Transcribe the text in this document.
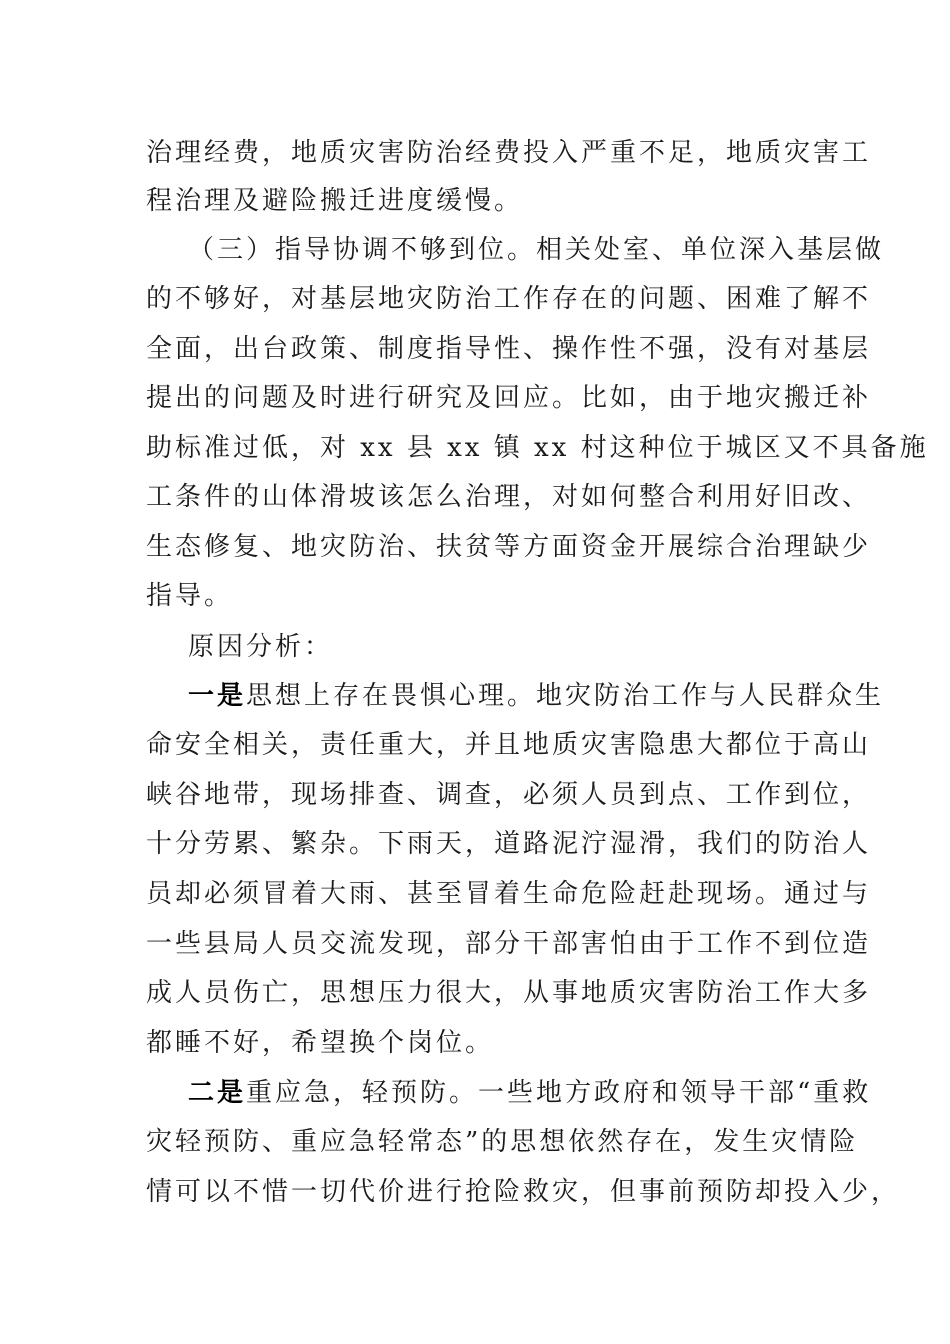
治理经费，地质灾害防治经费投入严重不足，地质灾害工
程治理及避险搬迁进度缓慢。
（三）指导协调不够到位。相关处室、单位深入基层做
的不够好，对基层地灾防治工作存在的问题、困难了解不
全面，出台政策、制度指导性、操作性不强，没有对基层
提出的问题及时进行研究及回应。比如，由于地灾搬迁补
助标准过低，对 xx 县 xx 镇 xx 村这种位于城区又不具备施
工条件的山体滑坡该怎么治理，对如何整合利用好旧改、
生态修复、地灾防治、扶贫等方面资金开展综合治理缺少
指导。
原因分析：
一是思想上存在畏惧心理。地灾防治工作与人民群众生
命安全相关，责任重大，并且地质灾害隐患大都位于高山
峡谷地带，现场排查、调查，必须人员到点、工作到位，
十分劳累、繁杂。下雨天，道路泥泞湿滑，我们的防治人
员却必须冒着大雨、甚至冒着生命危险赶赴现场。通过与
一些县局人员交流发现，部分干部害怕由于工作不到位造
成人员伤亡，思想压力很大，从事地质灾害防治工作大多
都睡不好，希望换个岗位。
二是重应急，轻预防。一些地方政府和领导干部“重救
灾轻预防、重应急轻常态”的思想依然存在，发生灾情险
情可以不惜一切代价进行抢险救灾，但事前预防却投入少，
